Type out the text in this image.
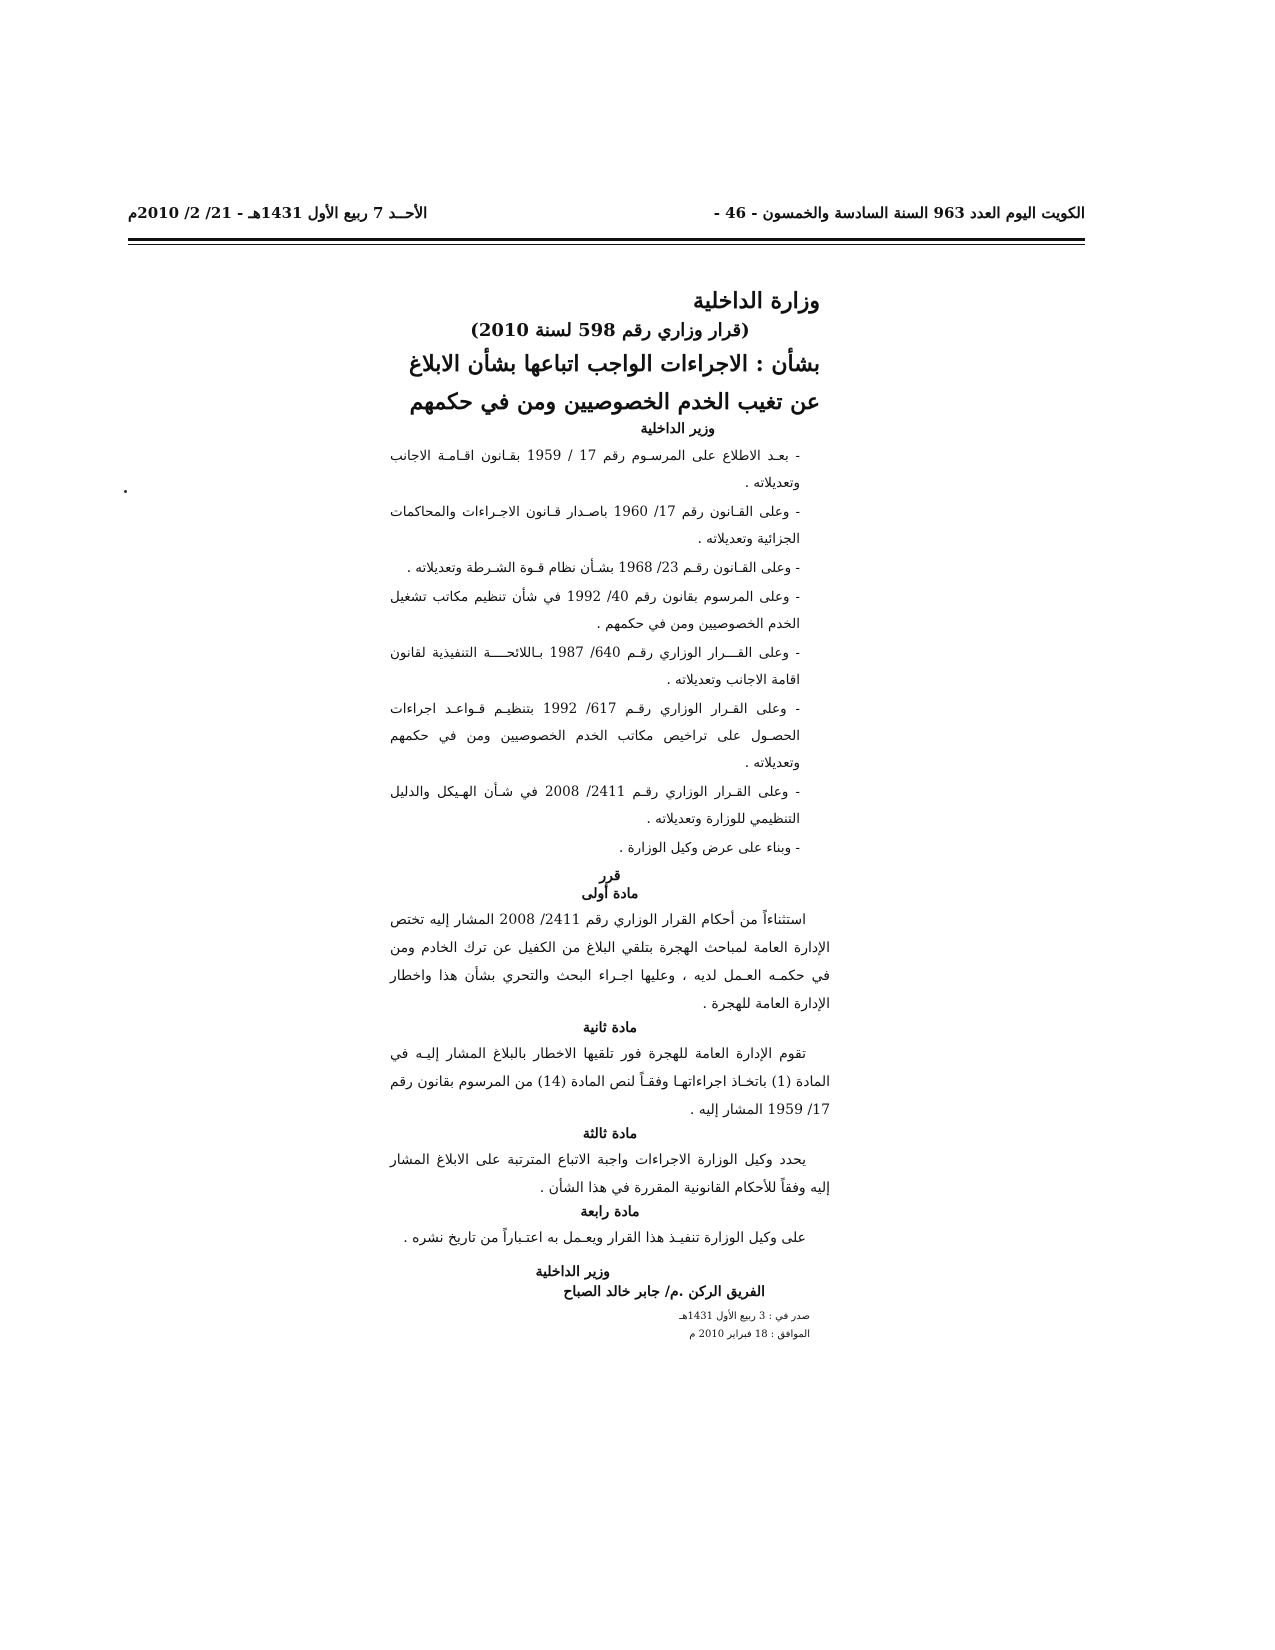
الكويت اليوم العدد 963 السنة السادسة والخمسون - 46 -
الأحــد 7 ربيع الأول 1431هـ - 21/ 2/ 2010م

وزارة الداخلية

(قرار وزاري رقم 598 لسنة 2010)

بشأن : الاجراءات الواجب اتباعها بشأن الابلاغ

عن تغيب الخدم الخصوصيين ومن في حكمهم

وزير الداخلية

- بعـد الاطلاع على المرسـوم رقم 17 / 1959 بقـانون اقـامـة الاجانب وتعديلاته .

- وعلى القـانون رقم 17/ 1960 باصـدار قـانون الاجـراءات والمحاكمات الجزائية وتعديلاته .

- وعلى القـانون رقـم 23/ 1968 بشـأن نظام قـوة الشـرطة وتعديلاته .

- وعلى المرسوم بقانون رقم 40/ 1992 في شأن تنظيم مكاتب تشغيل الخدم الخصوصيين ومن في حكمهم .

- وعلى القـــرار الوزاري رقـم 640/ 1987 بـاللائحــــة التنفيذية لقانون اقامة الاجانب وتعديلاته .

- وعلى القـرار الوزاري رقـم 617/ 1992 بتنظيـم قـواعـد اجراءات الحصـول على تراخيص مكاتب الخدم الخصوصيين ومن في حكمهم وتعديلاته .

- وعلى القـرار الوزاري رقـم 2411/ 2008 في شـأن الهـيكل والدليل التنظيمي للوزارة وتعديلاته .

- وبناء على عرض وكيل الوزارة .

قرر

مادة أولى

استثناءاً من أحكام القرار الوزاري رقم 2411/ 2008 المشار إليه تختص الإدارة العامة لمباحث الهجرة بتلقي البلاغ من الكفيل عن ترك الخادم ومن في حكمـه العـمل لديه ، وعليها اجـراء البحث والتحري بشأن هذا واخطار الإدارة العامة للهجرة .

مادة ثانية

تقوم الإدارة العامة للهجرة فور تلقيها الاخطار بالبلاغ المشار إليـه في المادة (1) باتخـاذ اجراءاتهـا وفقـاً لنص المادة (14) من المرسوم بقانون رقم 17/ 1959 المشار إليه .

مادة ثالثة

يحدد وكيل الوزارة الاجراءات واجبة الاتباع المترتبة على الابلاغ المشار إليه وفقاً للأحكام القانونية المقررة في هذا الشأن .

مادة رابعة

على وكيل الوزارة تنفيـذ هذا القرار ويعـمل به اعتـباراً من تاريخ نشره .

وزير الداخلية

الفريق الركن .م/ جابر خالد الصباح

صدر في : 3 ربيع الأول 1431هـ

الموافق : 18 فبراير 2010 م
